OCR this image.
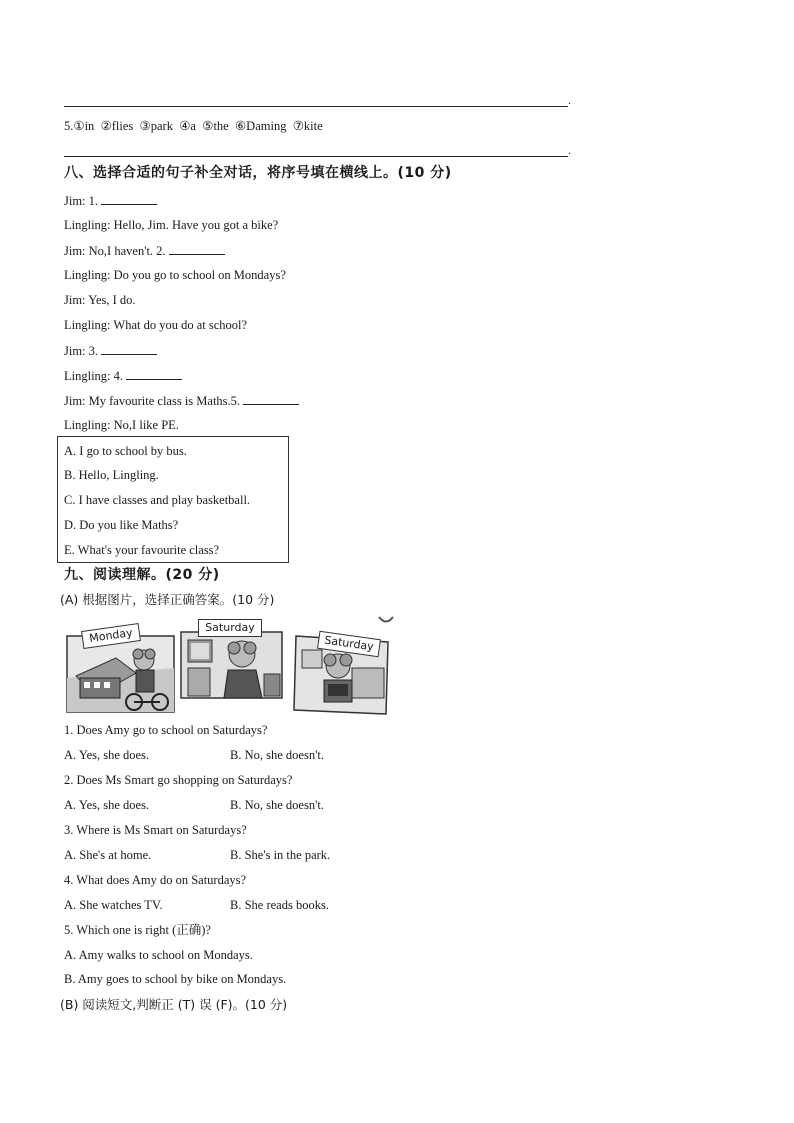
.
5.①in ②flies ③park ④a ⑤the ⑥Daming ⑦kite
.
八、选择合适的句子补全对话，将序号填在横线上。(10 分)
Jim: 1.
Lingling: Hello, Jim. Have you got a bike?
Jim: No,I haven't. 2.
Lingling: Do you go to school on Mondays?
Jim: Yes, I do.
Lingling: What do you do at school?
Jim: 3.
Lingling: 4.
Jim: My favourite class is Maths.5.
Lingling: No,I like PE.
A. I go to school by bus.
B. Hello, Lingling.
C. I have classes and play basketball.
D. Do you like Maths?
E. What's your favourite class?
九、阅读理解。(20 分)
(A) 根据图片，选择正确答案。(10 分)
Monday	Saturday
Saturday
1. Does Amy go to school on Saturdays?
A. Yes, she does.	B. No, she doesn't.
2. Does Ms Smart go shopping on Saturdays?
A. Yes, she does.	B. No, she doesn't.
3. Where is Ms Smart on Saturdays?
A. She's at home.	B. She's in the park.
4. What does Amy do on Saturdays?
A. She watches TV.	B. She reads books.
5. Which one is right (正确)?
A. Amy walks to school on Mondays.
B. Amy goes to school by bike on Mondays.
(B) 阅读短文,判断正 (T) 误 (F)。(10 分)
